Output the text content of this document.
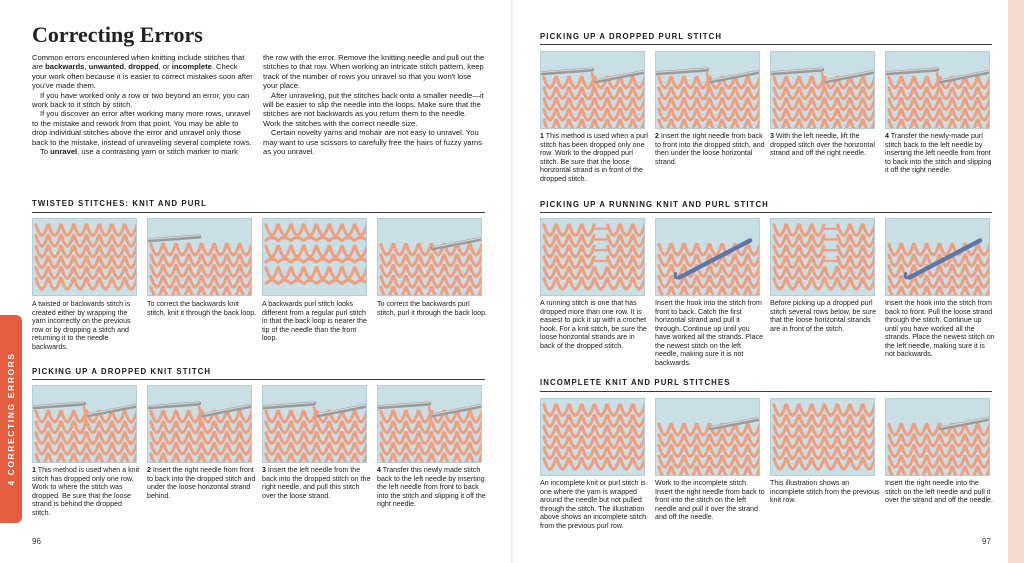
4 CORRECTING ERRORS
Correcting Errors

Common errors encountered when knitting include stitches that are backwards, unwanted, dropped, or incomplete. Check your work often because it is easier to correct mistakes soon after you've made them.

If you have worked only a row or two beyond an error, you can work back to it stitch by stitch.

If you discover an error after working many more rows, unravel to the mistake and rework from that point. You may be able to drop individual stitches above the error and unravel only those back to the mistake, instead of unraveling several complete rows.

To unravel, use a contrasting yarn or stitch marker to mark

the row with the error. Remove the knitting needle and pull out the stitches to that row. When working an intricate stitch pattern, keep track of the number of rows you unravel so that you won't lose your place.

After unraveling, put the stitches back onto a smaller needle—it will be easier to slip the needle into the loops. Make sure that the stitches are not backwards as you return them to the needle. Work the stitches with the correct needle size.

Certain novelty yarns and mohair are not easy to unravel. You may want to use scissors to carefully free the hairs of fuzzy yarns as you unravel.

TWISTED STITCHES: KNIT AND PURL
A twisted or backwards stitch is created either by wrapping the yarn incorrectly on the previous row or by dropping a stitch and returning it to the needle backwards.
To correct the backwards knit stitch, knit it through the back loop.
A backwards purl stitch looks different from a regular purl stitch in that the back loop is nearer the tip of the needle than the front loop.
To correct the backwards purl stitch, purl it through the back loop.
PICKING UP A DROPPED KNIT STITCH
1 This method is used when a knit stitch has dropped only one row. Work to where the stitch was dropped. Be sure that the loose strand is behind the dropped stitch.
2 Insert the right needle from front to back into the dropped stitch and under the loose horizontal strand behind.
3 Insert the left needle from the back into the dropped stitch on the right needle, and pull this stitch over the loose strand.
4 Transfer this newly made stitch back to the left needle by inserting the left needle from front to back into the stitch and slipping it off the right needle.
96
PICKING UP A DROPPED PURL STITCH
1 This method is used when a purl stitch has been dropped only one row. Work to the dropped purl stitch. Be sure that the loose horizontal strand is in front of the dropped stitch.
2 Insert the right needle from back to front into the dropped stitch, and then under the loose horizontal strand.
3 With the left needle, lift the dropped stitch over the horizontal strand and off the right needle.
4 Transfer the newly-made purl stitch back to the left needle by inserting the left needle from front to back into the stitch and slipping it off the right needle.
PICKING UP A RUNNING KNIT AND PURL STITCH
A running stitch is one that has dropped more than one row. It is easiest to pick it up with a crochet hook. For a knit stitch, be sure the loose horizontal strands are in back of the dropped stitch.
Insert the hook into the stitch from front to back. Catch the first horizontal strand and pull it through. Continue up until you have worked all the strands. Place the newest stitch on the left needle, making sure it is not backwards.
Before picking up a dropped purl stitch several rows below, be sure that the loose horizontal strands are in front of the stitch.
Insert the hook into the stitch from back to front. Pull the loose strand through the stitch. Continue up until you have worked all the strands. Place the newest stitch on the left needle, making sure it is not backwards.
INCOMPLETE KNIT AND PURL STITCHES
An incomplete knit or purl stitch is one where the yarn is wrapped around the needle but not pulled through the stitch. The illustration above shows an incomplete stitch from the previous purl row.
Work to the incomplete stitch. Insert the right needle from back to front into the stitch on the left needle and pull it over the strand and off the needle.
This illustration shows an incomplete stitch from the previous knit row.
Insert the right needle into the stitch on the left needle and pull it over the strand and off the needle.
97
